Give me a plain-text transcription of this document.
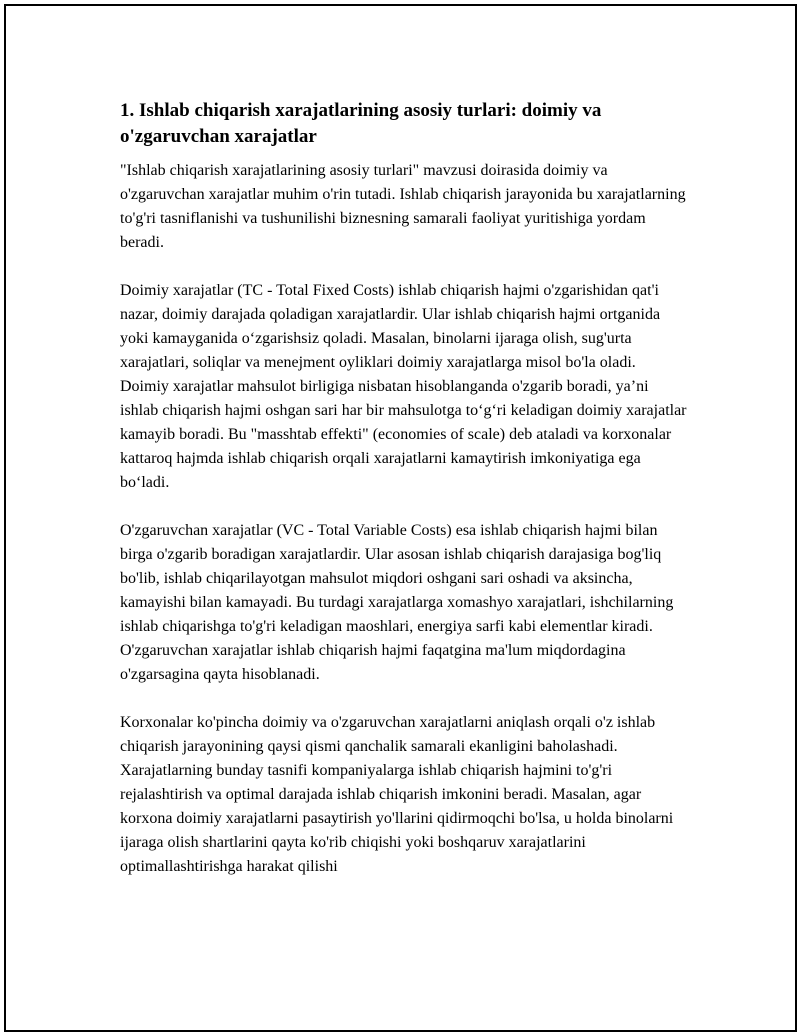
1. Ishlab chiqarish xarajatlarining asosiy turlari: doimiy va o'zgaruvchan xarajatlar

"Ishlab chiqarish xarajatlarining asosiy turlari" mavzusi doirasida doimiy va o'zgaruvchan xarajatlar muhim o'rin tutadi. Ishlab chiqarish jarayonida bu xarajatlarning to'g'ri tasniflanishi va tushunilishi biznesning samarali faoliyat yuritishiga yordam beradi.

Doimiy xarajatlar (TC - Total Fixed Costs) ishlab chiqarish hajmi o'zgarishidan qat'i nazar, doimiy darajada qoladigan xarajatlardir. Ular ishlab chiqarish hajmi ortganida yoki kamayganida o‘zgarishsiz qoladi. Masalan, binolarni ijaraga olish, sug'urta xarajatlari, soliqlar va menejment oyliklari doimiy xarajatlarga misol bo'la oladi. Doimiy xarajatlar mahsulot birligiga nisbatan hisoblanganda o'zgarib boradi, ya’ni ishlab chiqarish hajmi oshgan sari har bir mahsulotga to‘g‘ri keladigan doimiy xarajatlar kamayib boradi. Bu "masshtab effekti" (economies of scale) deb ataladi va korxonalar kattaroq hajmda ishlab chiqarish orqali xarajatlarni kamaytirish imkoniyatiga ega bo‘ladi.

O'zgaruvchan xarajatlar (VC - Total Variable Costs) esa ishlab chiqarish hajmi bilan birga o'zgarib boradigan xarajatlardir. Ular asosan ishlab chiqarish darajasiga bog'liq bo'lib, ishlab chiqarilayotgan mahsulot miqdori oshgani sari oshadi va aksincha, kamayishi bilan kamayadi. Bu turdagi xarajatlarga xomashyo xarajatlari, ishchilarning ishlab chiqarishga to'g'ri keladigan maoshlari, energiya sarfi kabi elementlar kiradi. O'zgaruvchan xarajatlar ishlab chiqarish hajmi faqatgina ma'lum miqdordagina o'zgarsagina qayta hisoblanadi.

Korxonalar ko'pincha doimiy va o'zgaruvchan xarajatlarni aniqlash orqali o'z ishlab chiqarish jarayonining qaysi qismi qanchalik samarali ekanligini baholashadi. Xarajatlarning bunday tasnifi kompaniyalarga ishlab chiqarish hajmini to'g'ri rejalashtirish va optimal darajada ishlab chiqarish imkonini beradi. Masalan, agar korxona doimiy xarajatlarni pasaytirish yo'llarini qidirmoqchi bo'lsa, u holda binolarni ijaraga olish shartlarini qayta ko'rib chiqishi yoki boshqaruv xarajatlarini optimallashtirishga harakat qilishi
